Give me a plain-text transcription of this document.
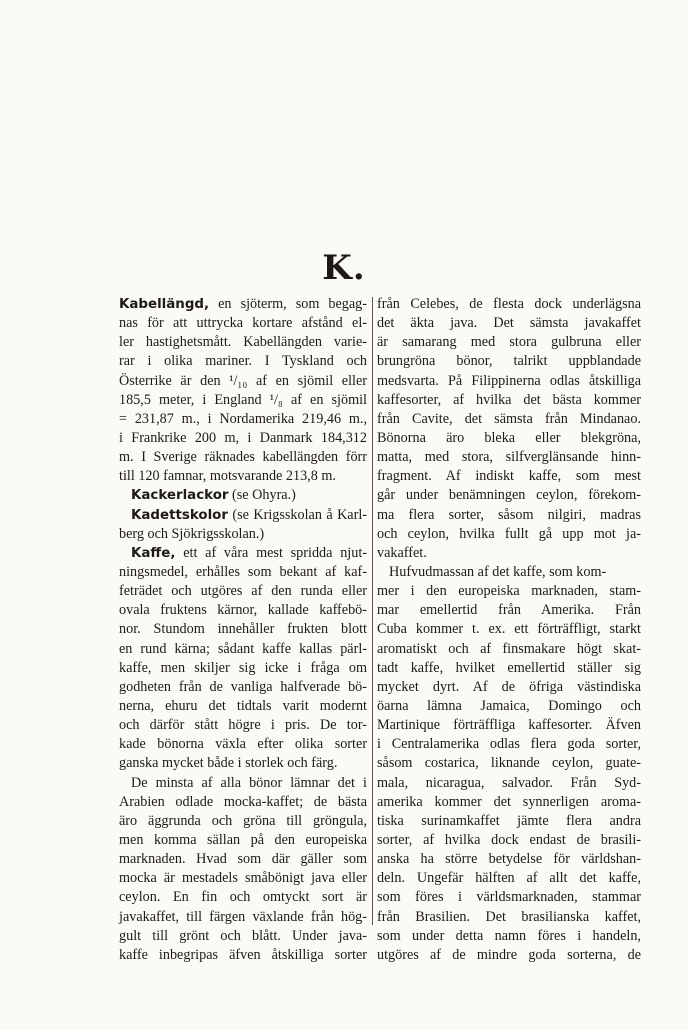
K.
Kabellängd, en sjöterm, som begag-
nas för att uttrycka kortare afstånd el-
ler hastighetsmått. Kabellängden varie-
rar i olika mariner. I Tyskland och
Österrike är den ¹/₁₀ af en sjömil eller
185,5 meter, i England ¹/₈ af en sjömil
= 231,87 m., i Nordamerika 219,46 m.,
i Frankrike 200 m, i Danmark 184,312
m. I Sverige räknades kabellängden förr
till 120 famnar, motsvarande 213,8 m.
Kackerlackor (se Ohyra.)
Kadettskolor (se Krigsskolan å Karl-
berg och Sjökrigsskolan.)
Kaffe, ett af våra mest spridda njut-
ningsmedel, erhålles som bekant af kaf-
feträdet och utgöres af den runda eller
ovala fruktens kärnor, kallade kaffebö-
nor. Stundom innehåller frukten blott
en rund kärna; sådant kaffe kallas pärl-
kaffe, men skiljer sig icke i fråga om
godheten från de vanliga halfverade bö-
nerna, ehuru det tidtals varit modernt
och därför stått högre i pris. De tor-
kade bönorna växla efter olika sorter
ganska mycket både i storlek och färg.
De minsta af alla bönor lämnar det i
Arabien odlade mocka-kaffet; de bästa
äro äggrunda och gröna till gröngula,
men komma sällan på den europeiska
marknaden. Hvad som där gäller som
mocka är mestadels småbönigt java eller
ceylon. En fin och omtyckt sort är
javakaffet, till färgen växlande från hög-
gult till grönt och blått. Under java-
kaffe inbegripas äfven åtskilliga sorter
från Celebes, de flesta dock underlägsna
det äkta java. Det sämsta javakaffet
är samarang med stora gulbruna eller
brungröna bönor, talrikt uppblandade
medsvarta. På Filippinerna odlas åtskilliga
kaffesorter, af hvilka det bästa kommer
från Cavite, det sämsta från Mindanao.
Bönorna äro bleka eller blekgröna,
matta, med stora, silfverglänsande hinn-
fragment. Af indiskt kaffe, som mest
går under benämningen ceylon, förekom-
ma flera sorter, såsom nilgiri, madras
och ceylon, hvilka fullt gå upp mot ja-
vakaffet.
Hufvudmassan af det kaffe, som kom-
mer i den europeiska marknaden, stam-
mar emellertid från Amerika. Från
Cuba kommer t. ex. ett förträffligt, starkt
aromatiskt och af finsmakare högt skat-
tadt kaffe, hvilket emellertid ställer sig
mycket dyrt. Af de öfriga västindiska
öarna lämna Jamaica, Domingo och
Martinique förträffliga kaffesorter. Äfven
i Centralamerika odlas flera goda sorter,
såsom costarica, liknande ceylon, guate-
mala, nicaragua, salvador. Från Syd-
amerika kommer det synnerligen aroma-
tiska surinamkaffet jämte flera andra
sorter, af hvilka dock endast de brasili-
anska ha större betydelse för världshan-
deln. Ungefär hälften af allt det kaffe,
som föres i världsmarknaden, stammar
från Brasilien. Det brasilianska kaffet,
som under detta namn föres i handeln,
utgöres af de mindre goda sorterna, de
